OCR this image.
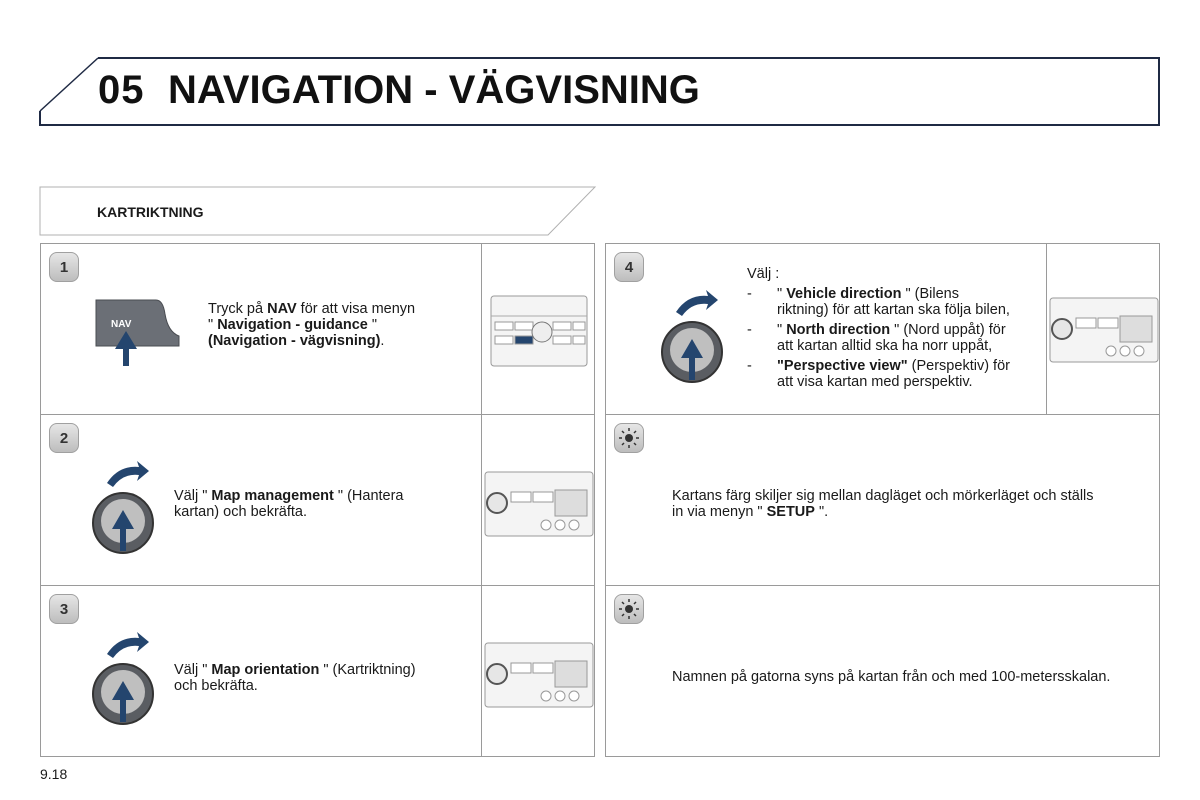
05 NAVIGATION - VÄGVISNING
KARTRIKTNING
1
NAV
Tryck på NAV för att visa menyn
" Navigation - guidance "
(Navigation - vägvisning).
2
Välj " Map management " (Hantera
kartan) och bekräfta.
3
Välj " Map orientation " (Kartriktning)
och bekräfta.
4	Välj :
- " Vehicle direction " (Bilens
riktning) för att kartan ska följa bilen,
- " North direction " (Nord uppåt) för
att kartan alltid ska ha norr uppåt,
- "Perspective view" (Perspektiv) för
att visa kartan med perspektiv.
Kartans färg skiljer sig mellan dagläget och mörkerläget och ställs
in via menyn " SETUP ".
Namnen på gatorna syns på kartan från och med 100-metersskalan.
9.18
